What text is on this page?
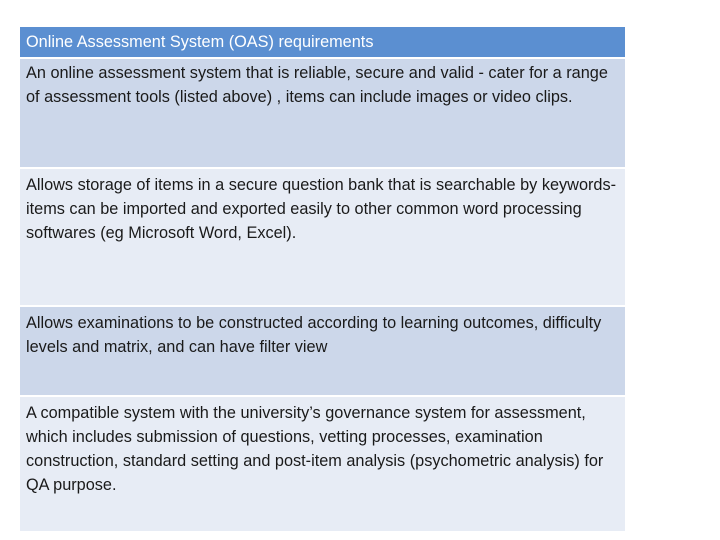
Online Assessment System (OAS) requirements
An online assessment system that is reliable, secure and valid - cater for a range of assessment tools (listed above) , items can include images or video clips.
Allows storage of items in a secure question bank that is searchable by keywords- items can be imported and exported easily to other common word processing softwares (eg Microsoft Word, Excel).
Allows examinations to be constructed according to learning outcomes, difficulty levels and matrix, and can have filter view
A compatible system with the university’s governance system for assessment, which includes submission of questions, vetting processes, examination construction, standard setting and post-item analysis (psychometric analysis) for QA purpose.
